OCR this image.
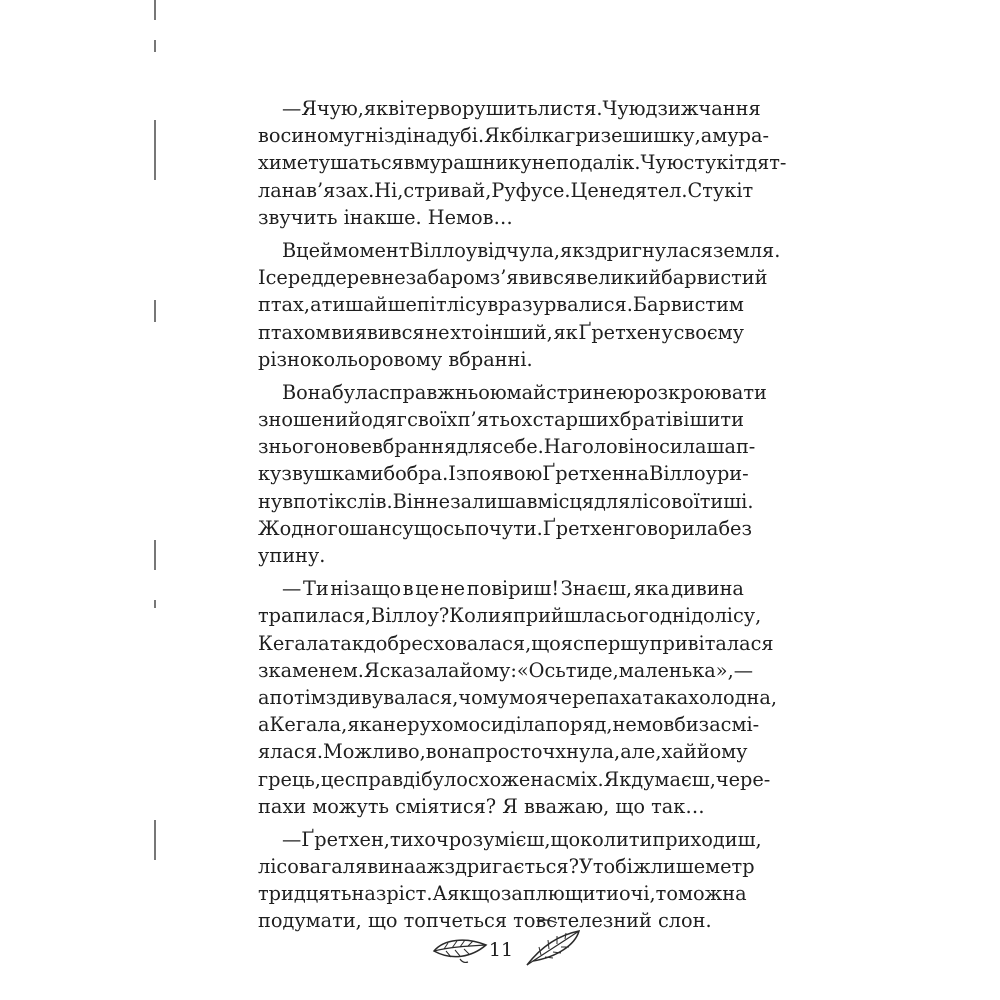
— Я чую, як вітер ворушить листя. Чую дзижчання
в осиному гнізді на дубі. Як білка гризе шишку, а мура-
хи метушаться в мурашнику неподалік. Чую стукіт дят-
ла на в’язах. Ні, стривай, Руфусе. Це не дятел. Стукіт
звучить інакше. Немов…
В цей момент Віллоу відчула, як здригнулася земля.
І серед дерев незабаром з’явився великий барвистий
птах, а тиша й шепіт лісу враз урвалися. Барвистим
птахом виявився не хто інший, як Ґретхен у своєму
різнокольоровому вбранні.
Вона була справжньою майстринею розкроювати
зношений одяг своїх п’ятьох старших братів і шити
з нього нове вбрання для себе. На голові носила шап-
ку з вушками бобра. Із появою Ґретхен на Віллоу ри-
нув потік слів. Він не залишав місця для лісової тиші.
Жодного шансу щось почути. Ґретхен говорила без
упину.
— Ти нізащо в це не повіриш! Знаєш, яка дивина
трапилася, Віллоу? Коли я прийшла сьогодні до лісу,
Кегала так добре сховалася, що я спершу привіталася
з каменем. Я сказала йому: «Ось ти де, маленька», —
а потім здивувалася, чому моя черепаха така холодна,
а Кегала, яка нерухомо сиділа поряд, немовби засмі-
ялася. Можливо, вона просто чхнула, але, хай йому
грець, це справді було схоже на сміх. Як думаєш, чере-
пахи можуть сміятися? Я вважаю, що так…
— Ґретхен, ти хоч розумієш, що коли ти приходиш,
лісова галявина аж здригається? У тобі ж лише метр
тридцять на зріст. А якщо заплющити очі, то можна
подумати, що топчеться товстелезний слон.
11
